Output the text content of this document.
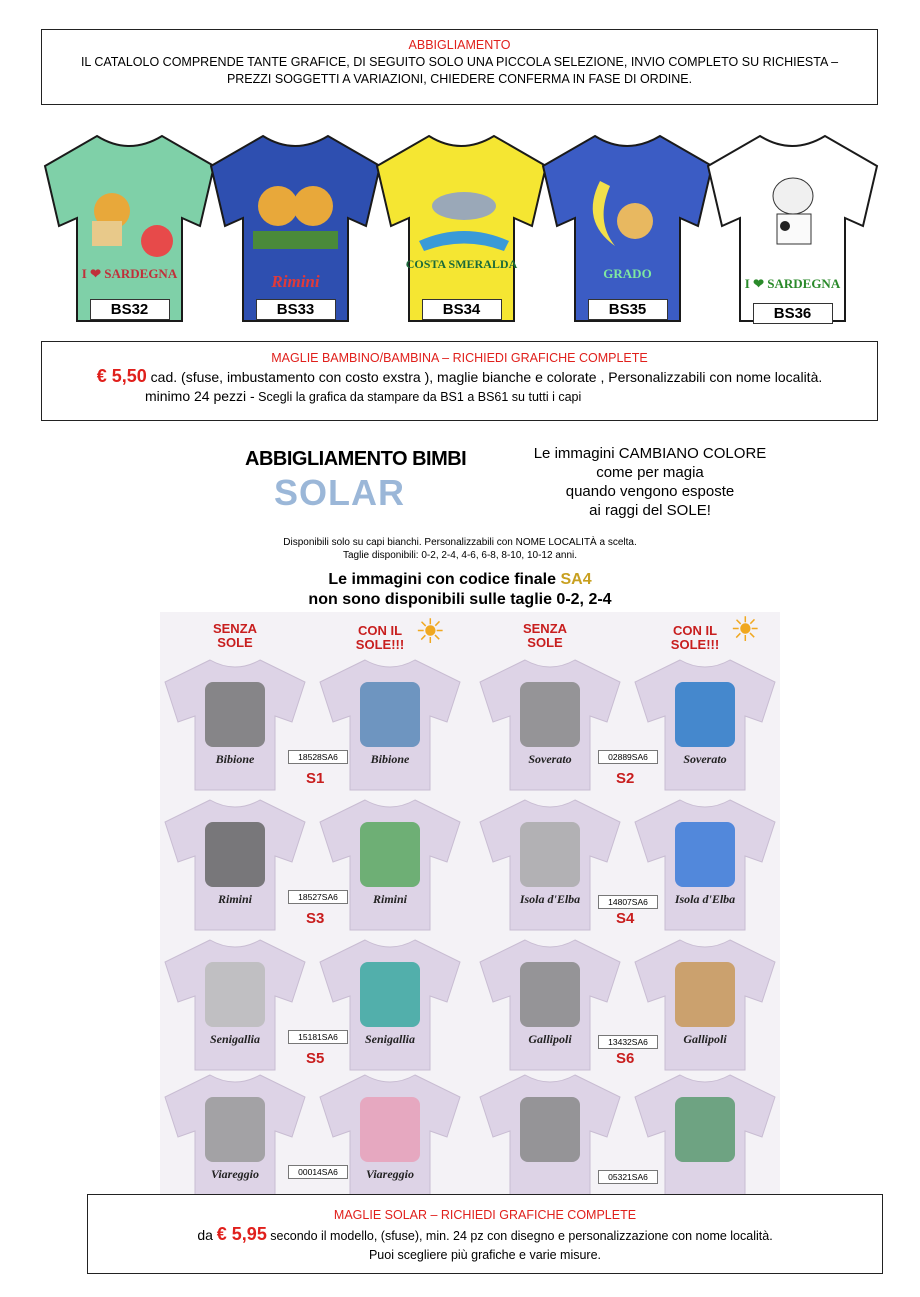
ABBIGLIAMENTO
IL CATALOLO COMPRENDE TANTE GRAFICE, DI SEGUITO SOLO UNA PICCOLA SELEZIONE, INVIO COMPLETO SU RICHIESTA –
PREZZI SOGGETTI A VARIAZIONI, CHIEDERE CONFERMA IN FASE DI ORDINE.
I ❤ SARDEGNA
BS32
Rimini
BS33
COSTA SMERALDA
BS34
GRADO
BS35
I ❤ SARDEGNA
BS36
MAGLIE BAMBINO/BAMBINA – RICHIEDI GRAFICHE COMPLETE
€ 5,50 cad. (sfuse, imbustamento con costo exstra ), maglie bianche e colorate , Personalizzabili con nome località.
minimo 24 pezzi - Scegli la grafica da stampare da BS1 a BS61 su tutti i capi
ABBIGLIAMENTO BIMBI
SOLAR
Le immagini CAMBIANO COLORE
come per magia
quando vengono esposte
ai raggi del SOLE!
Disponibili solo su capi bianchi. Personalizzabili con NOME LOCALITÀ a scelta.
Taglie disponibili: 0-2, 2-4, 4-6, 6-8, 8-10, 10-12 anni.
Le immagini con codice finale SA4
non sono disponibili sulle taglie 0-2, 2-4
SENZA SOLE
CON IL SOLE!!! ☀	SENZA SOLE
CON IL SOLE!!! ☀
Bibione	Bibione	Soverato	Soverato
18528SA6
S1
02889SA6
S2
Rimini	Rimini	Isola d'Elba	Isola d'Elba
18527SA6
S3
14807SA6
S4
Senigallia	Senigallia	Gallipoli	Gallipoli
15181SA6
S5
13432SA6
S6
Viareggio	Viareggio
00014SA6	05321SA6
MAGLIE SOLAR – RICHIEDI GRAFICHE COMPLETE
da € 5,95 secondo il modello, (sfuse), min. 24 pz con disegno e personalizzazione con nome località.
Puoi scegliere più grafiche e varie misure.
